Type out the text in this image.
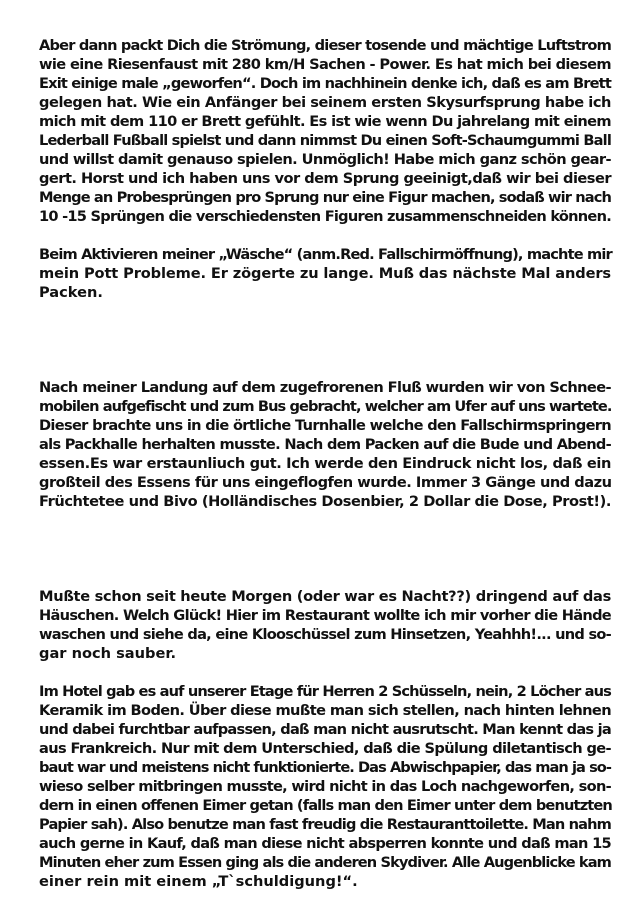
Aber dann packt Dich die Strömung, dieser tosende und mächtige Luftstrom
wie eine Riesenfaust mit 280 km/H Sachen - Power. Es hat mich bei diesem
Exit einige male „geworfen“. Doch im nachhinein denke ich, daß es am Brett
gelegen hat. Wie ein Anfänger bei seinem ersten Skysurfsprung habe ich
mich mit dem 110 er Brett gefühlt. Es ist wie wenn Du jahrelang mit einem
Lederball Fußball spielst und dann nimmst Du einen Soft-Schaumgummi Ball
und willst damit genauso spielen. Unmöglich! Habe mich ganz schön gear-
gert. Horst und ich haben uns vor dem Sprung geeinigt,daß wir bei dieser
Menge an Probesprüngen pro Sprung nur eine Figur machen, sodaß wir nach
10 -15 Sprüngen die verschiedensten Figuren zusammenschneiden können.
Beim Aktivieren meiner „Wäsche“ (anm.Red. Fallschirmöffnung), machte mir
mein Pott Probleme. Er zögerte zu lange. Muß das nächste Mal anders
Packen.
Nach meiner Landung auf dem zugefrorenen Fluß wurden wir von Schnee-
mobilen aufgefischt und zum Bus gebracht, welcher am Ufer auf uns wartete.
Dieser brachte uns in die örtliche Turnhalle welche den Fallschirmspringern
als Packhalle herhalten musste. Nach dem Packen auf die Bude und Abend-
essen.Es war erstaunliuch gut. Ich werde den Eindruck nicht los, daß ein
großteil des Essens für uns eingeflogfen wurde. Immer 3 Gänge und dazu
Früchtetee und Bivo (Holländisches Dosenbier, 2 Dollar die Dose, Prost!).
Mußte schon seit heute Morgen (oder war es Nacht??) dringend auf das
Häuschen. Welch Glück! Hier im Restaurant wollte ich mir vorher die Hände
waschen und siehe da, eine Klooschüssel zum Hinsetzen, Yeahhh!... und so-
gar noch sauber.
Im Hotel gab es auf unserer Etage für Herren 2 Schüsseln, nein, 2 Löcher aus
Keramik im Boden. Über diese mußte man sich stellen, nach hinten lehnen
und dabei furchtbar aufpassen, daß man nicht ausrutscht. Man kennt das ja
aus Frankreich. Nur mit dem Unterschied, daß die Spülung diletantisch ge-
baut war und meistens nicht funktionierte. Das Abwischpapier, das man ja so-
wieso selber mitbringen musste, wird nicht in das Loch nachgeworfen, son-
dern in einen offenen Eimer getan (falls man den Eimer unter dem benutzten
Papier sah). Also benutze man fast freudig die Restauranttoilette. Man nahm
auch gerne in Kauf, daß man diese nicht absperren konnte und daß man 15
Minuten eher zum Essen ging als die anderen Skydiver. Alle Augenblicke kam
einer rein mit einem „T`schuldigung!“.
